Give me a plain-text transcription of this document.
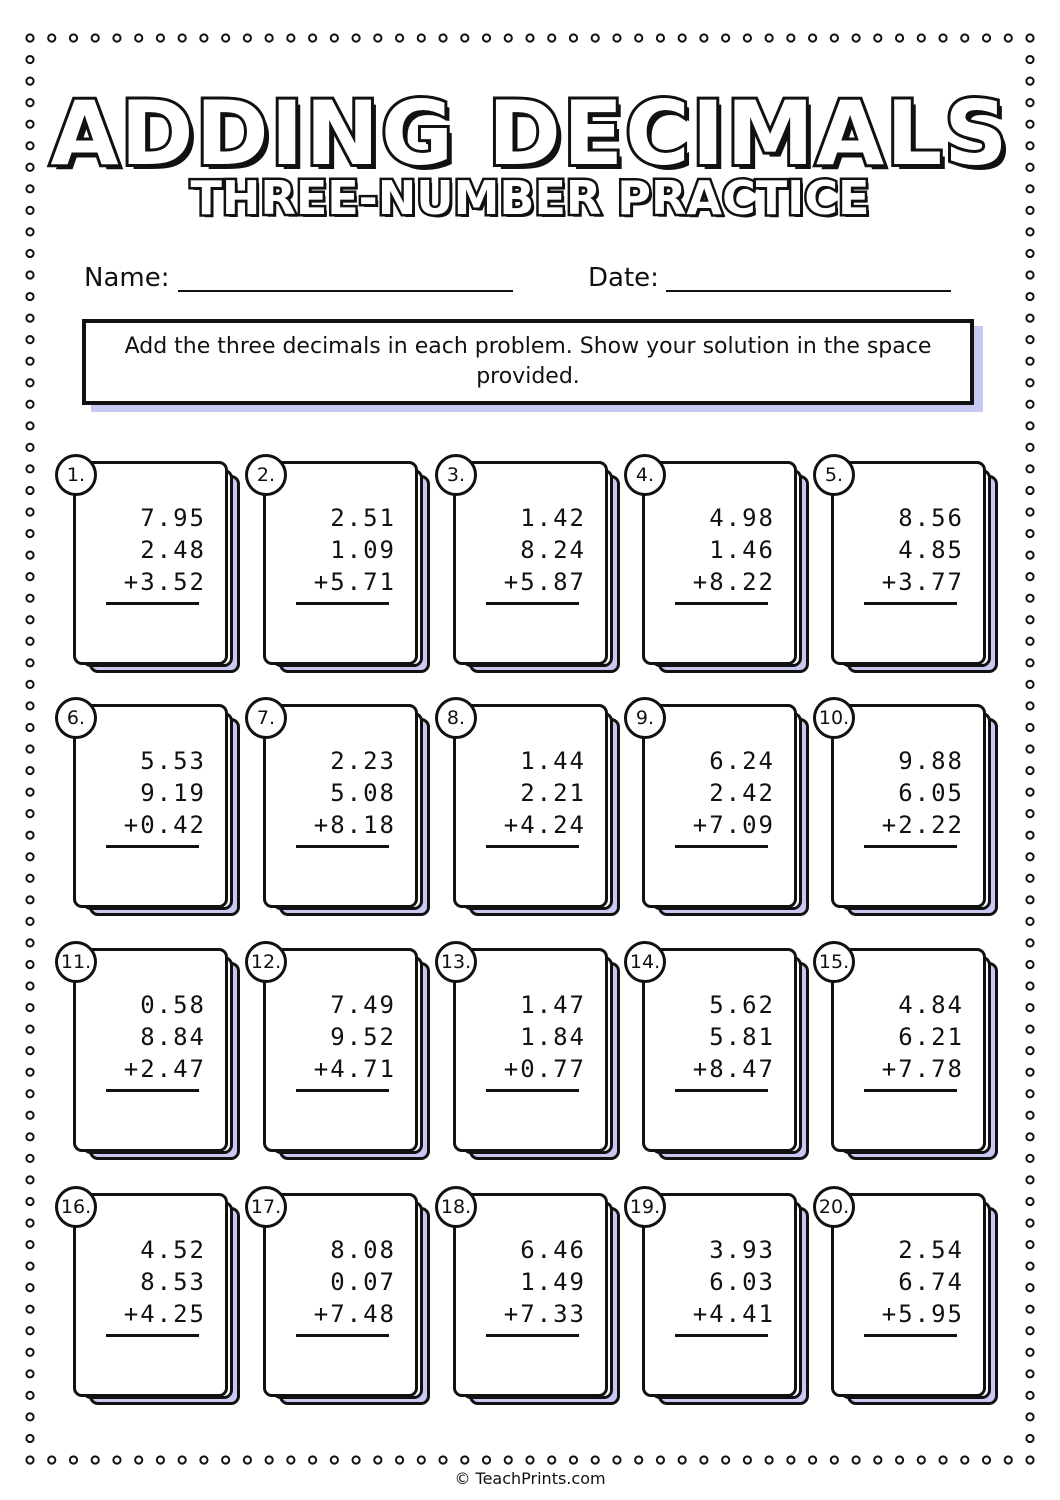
ADDING DECIMALS
THREE-NUMBER PRACTICE
Name:	Date:
Add the three decimals in each problem. Show your solution in the space provided.
7.95
2.48
+3.52
1.
2.51
1.09
+5.71
2.
1.42
8.24
+5.87
3.
4.98
1.46
+8.22
4.
8.56
4.85
+3.77
5.
5.53
9.19
+0.42
6.
2.23
5.08
+8.18
7.
1.44
2.21
+4.24
8.
6.24
2.42
+7.09
9.
9.88
6.05
+2.22
10.
0.58
8.84
+2.47
11.
7.49
9.52
+4.71
12.
1.47
1.84
+0.77
13.
5.62
5.81
+8.47
14.
4.84
6.21
+7.78
15.
4.52
8.53
+4.25
16.
8.08
0.07
+7.48
17.
6.46
1.49
+7.33
18.
3.93
6.03
+4.41
19.
2.54
6.74
+5.95
20.
© TeachPrints.com
